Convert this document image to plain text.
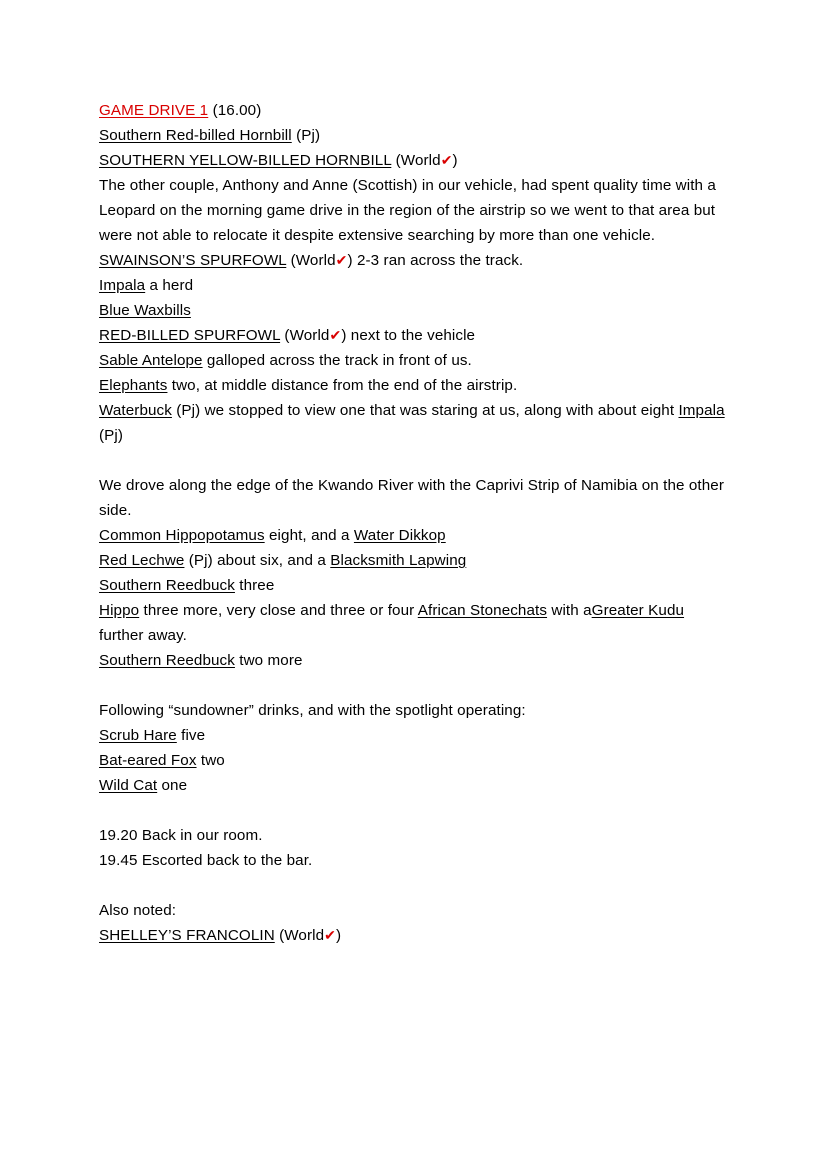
GAME DRIVE 1 (16.00)
Southern Red-billed Hornbill (Pj)
SOUTHERN YELLOW-BILLED HORNBILL (World✔)
The other couple, Anthony and Anne (Scottish) in our vehicle, had spent quality time with a Leopard on the morning game drive in the region of the airstrip so we went to that area but were not able to relocate it despite extensive searching by more than one vehicle.
SWAINSON’S SPURFOWL (World✔) 2-3 ran across the track.
Impala a herd
Blue Waxbills
RED-BILLED SPURFOWL (World✔) next to the vehicle
Sable Antelope galloped across the track in front of us.
Elephants two, at middle distance from the end of the airstrip.
Waterbuck (Pj) we stopped to view one that was staring at us, along with about eight Impala (Pj)
We drove along the edge of the Kwando River with the Caprivi Strip of Namibia on the other side.
Common Hippopotamus eight, and a Water Dikkop
Red Lechwe (Pj) about six, and a Blacksmith Lapwing
Southern Reedbuck three
Hippo three more, very close and three or four African Stonechats with aGreater Kudu further away.
Southern Reedbuck two more
Following “sundowner” drinks, and with the spotlight operating:
Scrub Hare five
Bat-eared Fox two
Wild Cat one
19.20 Back in our room.
19.45 Escorted back to the bar.
Also noted:
SHELLEY’S FRANCOLIN (World✔)
